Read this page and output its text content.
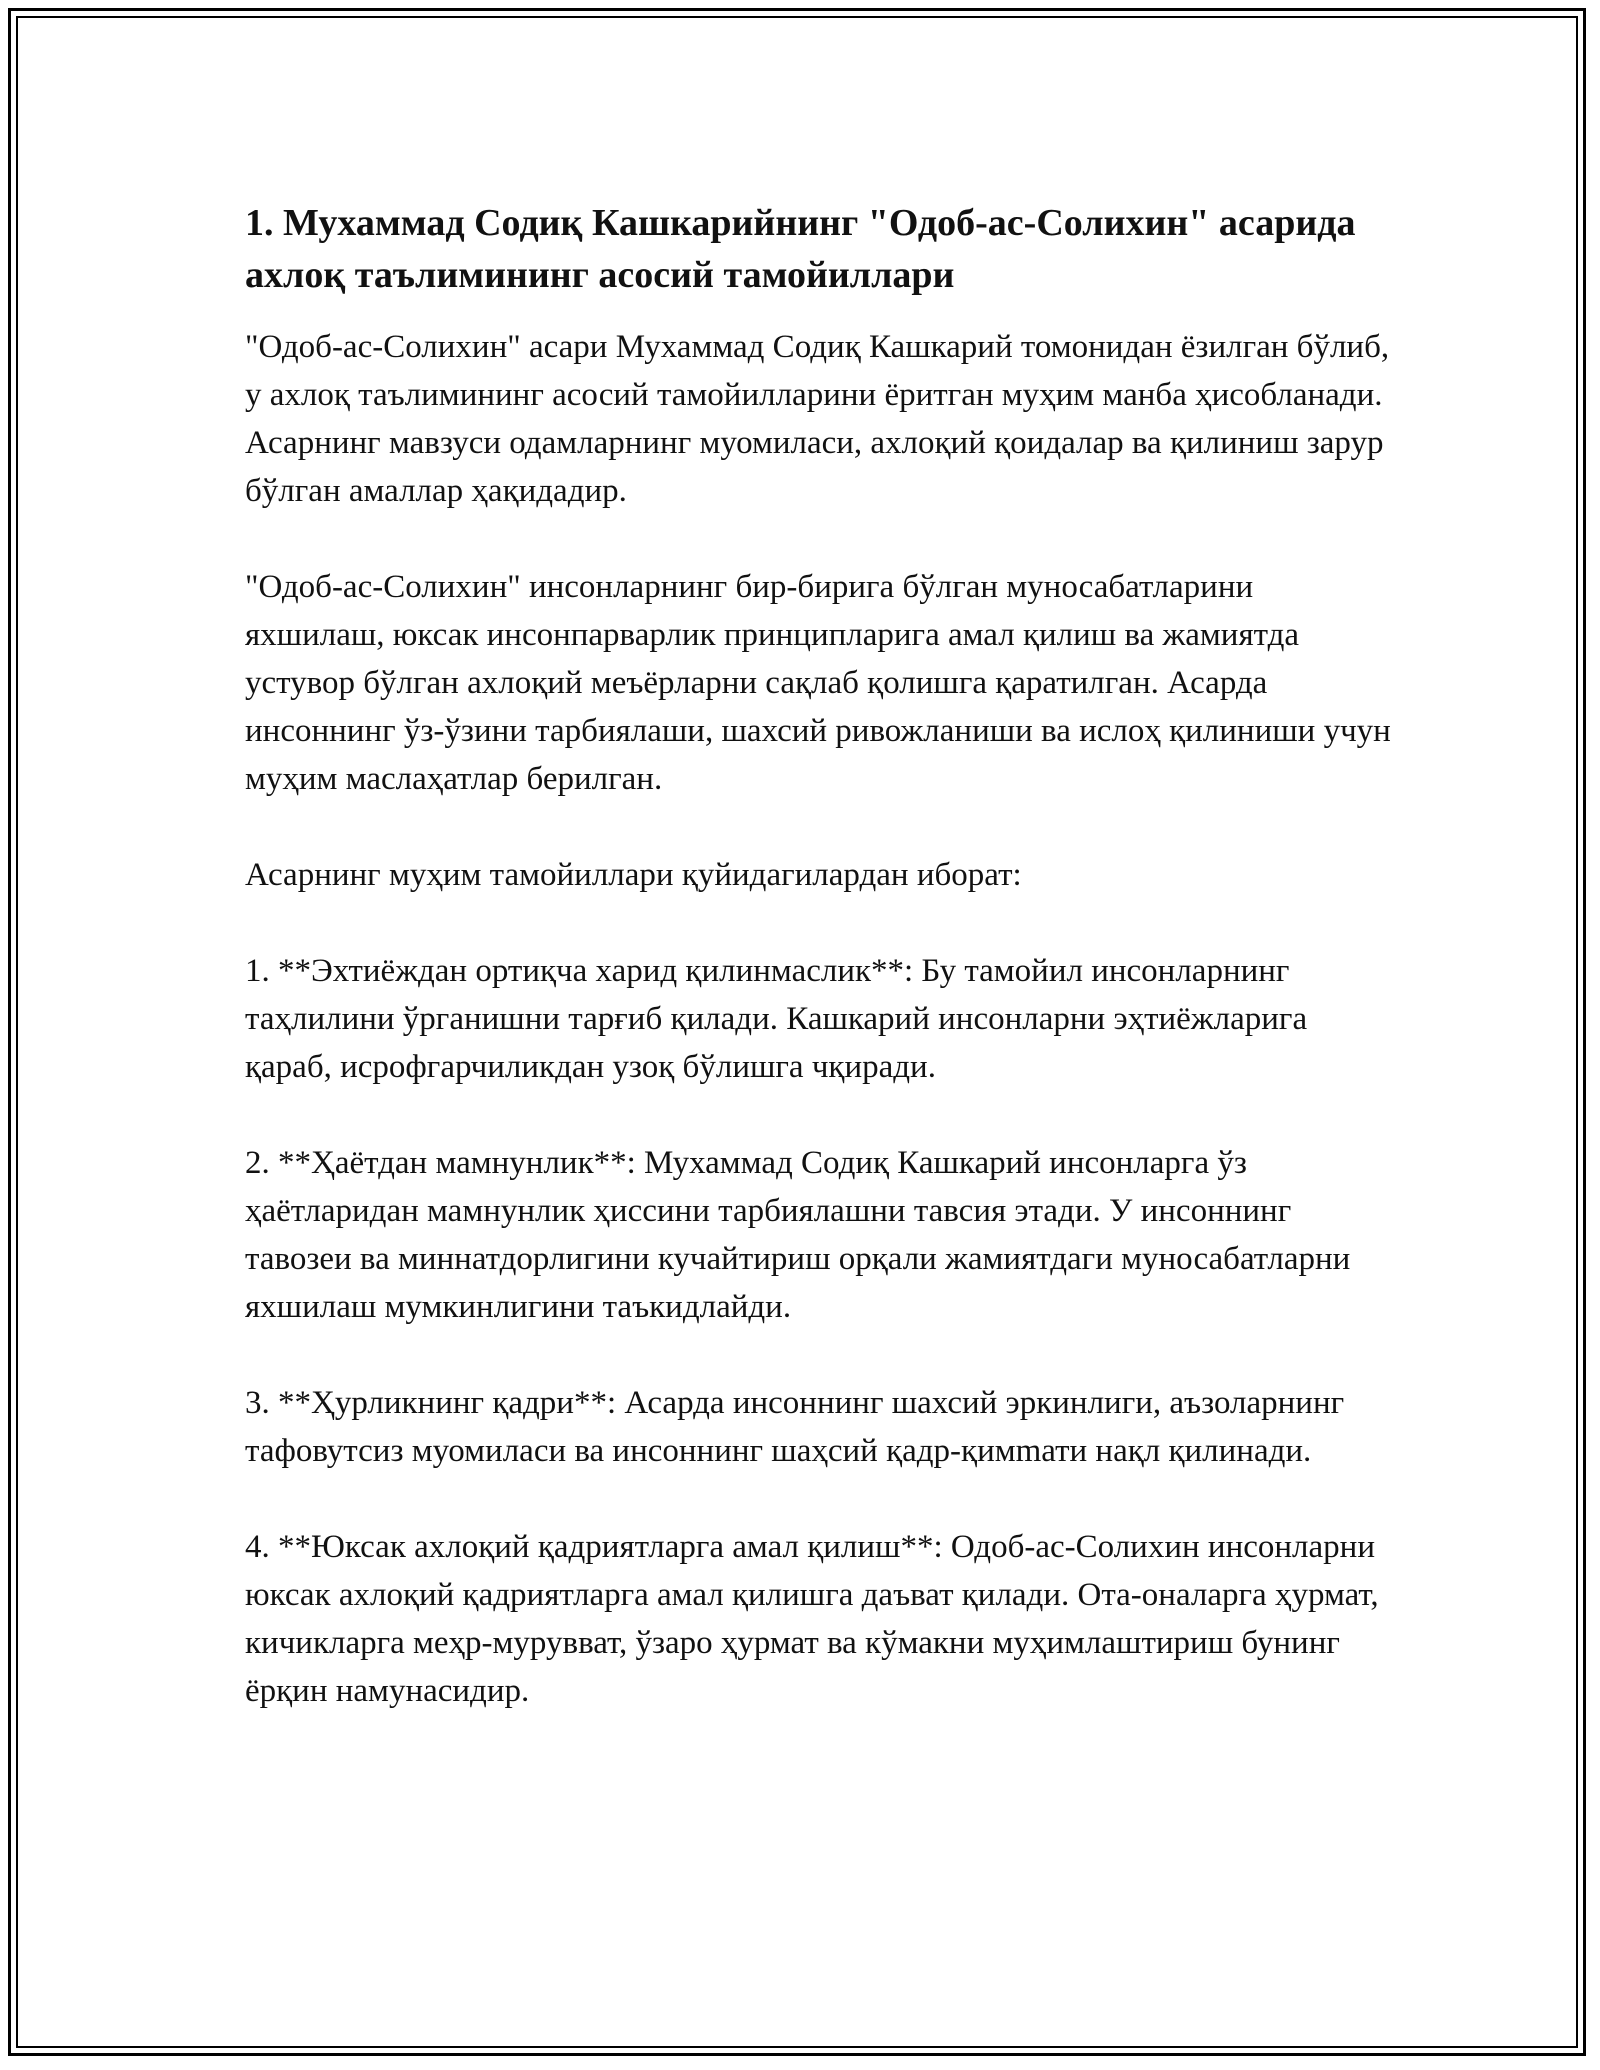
1. Мухаммад Содиқ Кашкарийнинг "Одоб-ас-Солихин" асарида ахлоқ таълимининг асосий тамойиллари

"Одоб-ас-Солихин" асари Мухаммад Содиқ Кашкарий томонидан ёзилган бўлиб, у ахлоқ таълимининг асосий тамойилларини ёритган муҳим манба ҳисобланади. Асарнинг мавзуси одамларнинг муомиласи, ахлоқий қоидалар ва қилиниш зарур бўлган амаллар ҳақидадир.

"Одоб-ас-Солихин" инсонларнинг бир-бирига бўлган муносабатларини яхшилаш, юксак инсонпарварлик принципларига амал қилиш ва жамиятда устувор бўлган ахлоқий меъёрларни сақлаб қолишга қаратилган. Асарда инсоннинг ўз-ўзини тарбиялаши, шахсий ривожланиши ва ислоҳ қилиниши учун муҳим маслаҳатлар берилган.

Асарнинг муҳим тамойиллари қуйидагилардан иборат:

1. **Эхтиёждан ортиқча харид қилинмаслик**: Бу тамойил инсонларнинг таҳлилини ўрганишни тарғиб қилади. Кашкарий инсонларни эҳтиёжларига қараб, исрофгарчиликдан узоқ бўлишга чқиради.

2. **Ҳаётдан мамнунлик**: Мухаммад Содиқ Кашкарий инсонларга ўз ҳаётларидан мамнунлик ҳиссини тарбиялашни тавсия этади. У инсоннинг тавозеи ва миннатдорлигини кучайтириш орқали жамиятдаги муносабатларни яхшилаш мумкинлигини таъкидлайди.

3. **Ҳурликнинг қадри**: Асарда инсоннинг шахсий эркинлиги, аъзоларнинг тафовутсиз муомиласи ва инсоннинг шаҳсий қадр-қимmати нақл қилинади.

4. **Юксак ахлоқий қадриятларга амал қилиш**: Одоб-ас-Солихин инсонларни юксак ахлоқий қадриятларга амал қилишга даъват қилади. Ота-оналарга ҳурмат, кичикларга меҳр-мурувват, ўзаро ҳурмат ва кўмакни муҳимлаштириш бунинг ёрқин намунасидир.
